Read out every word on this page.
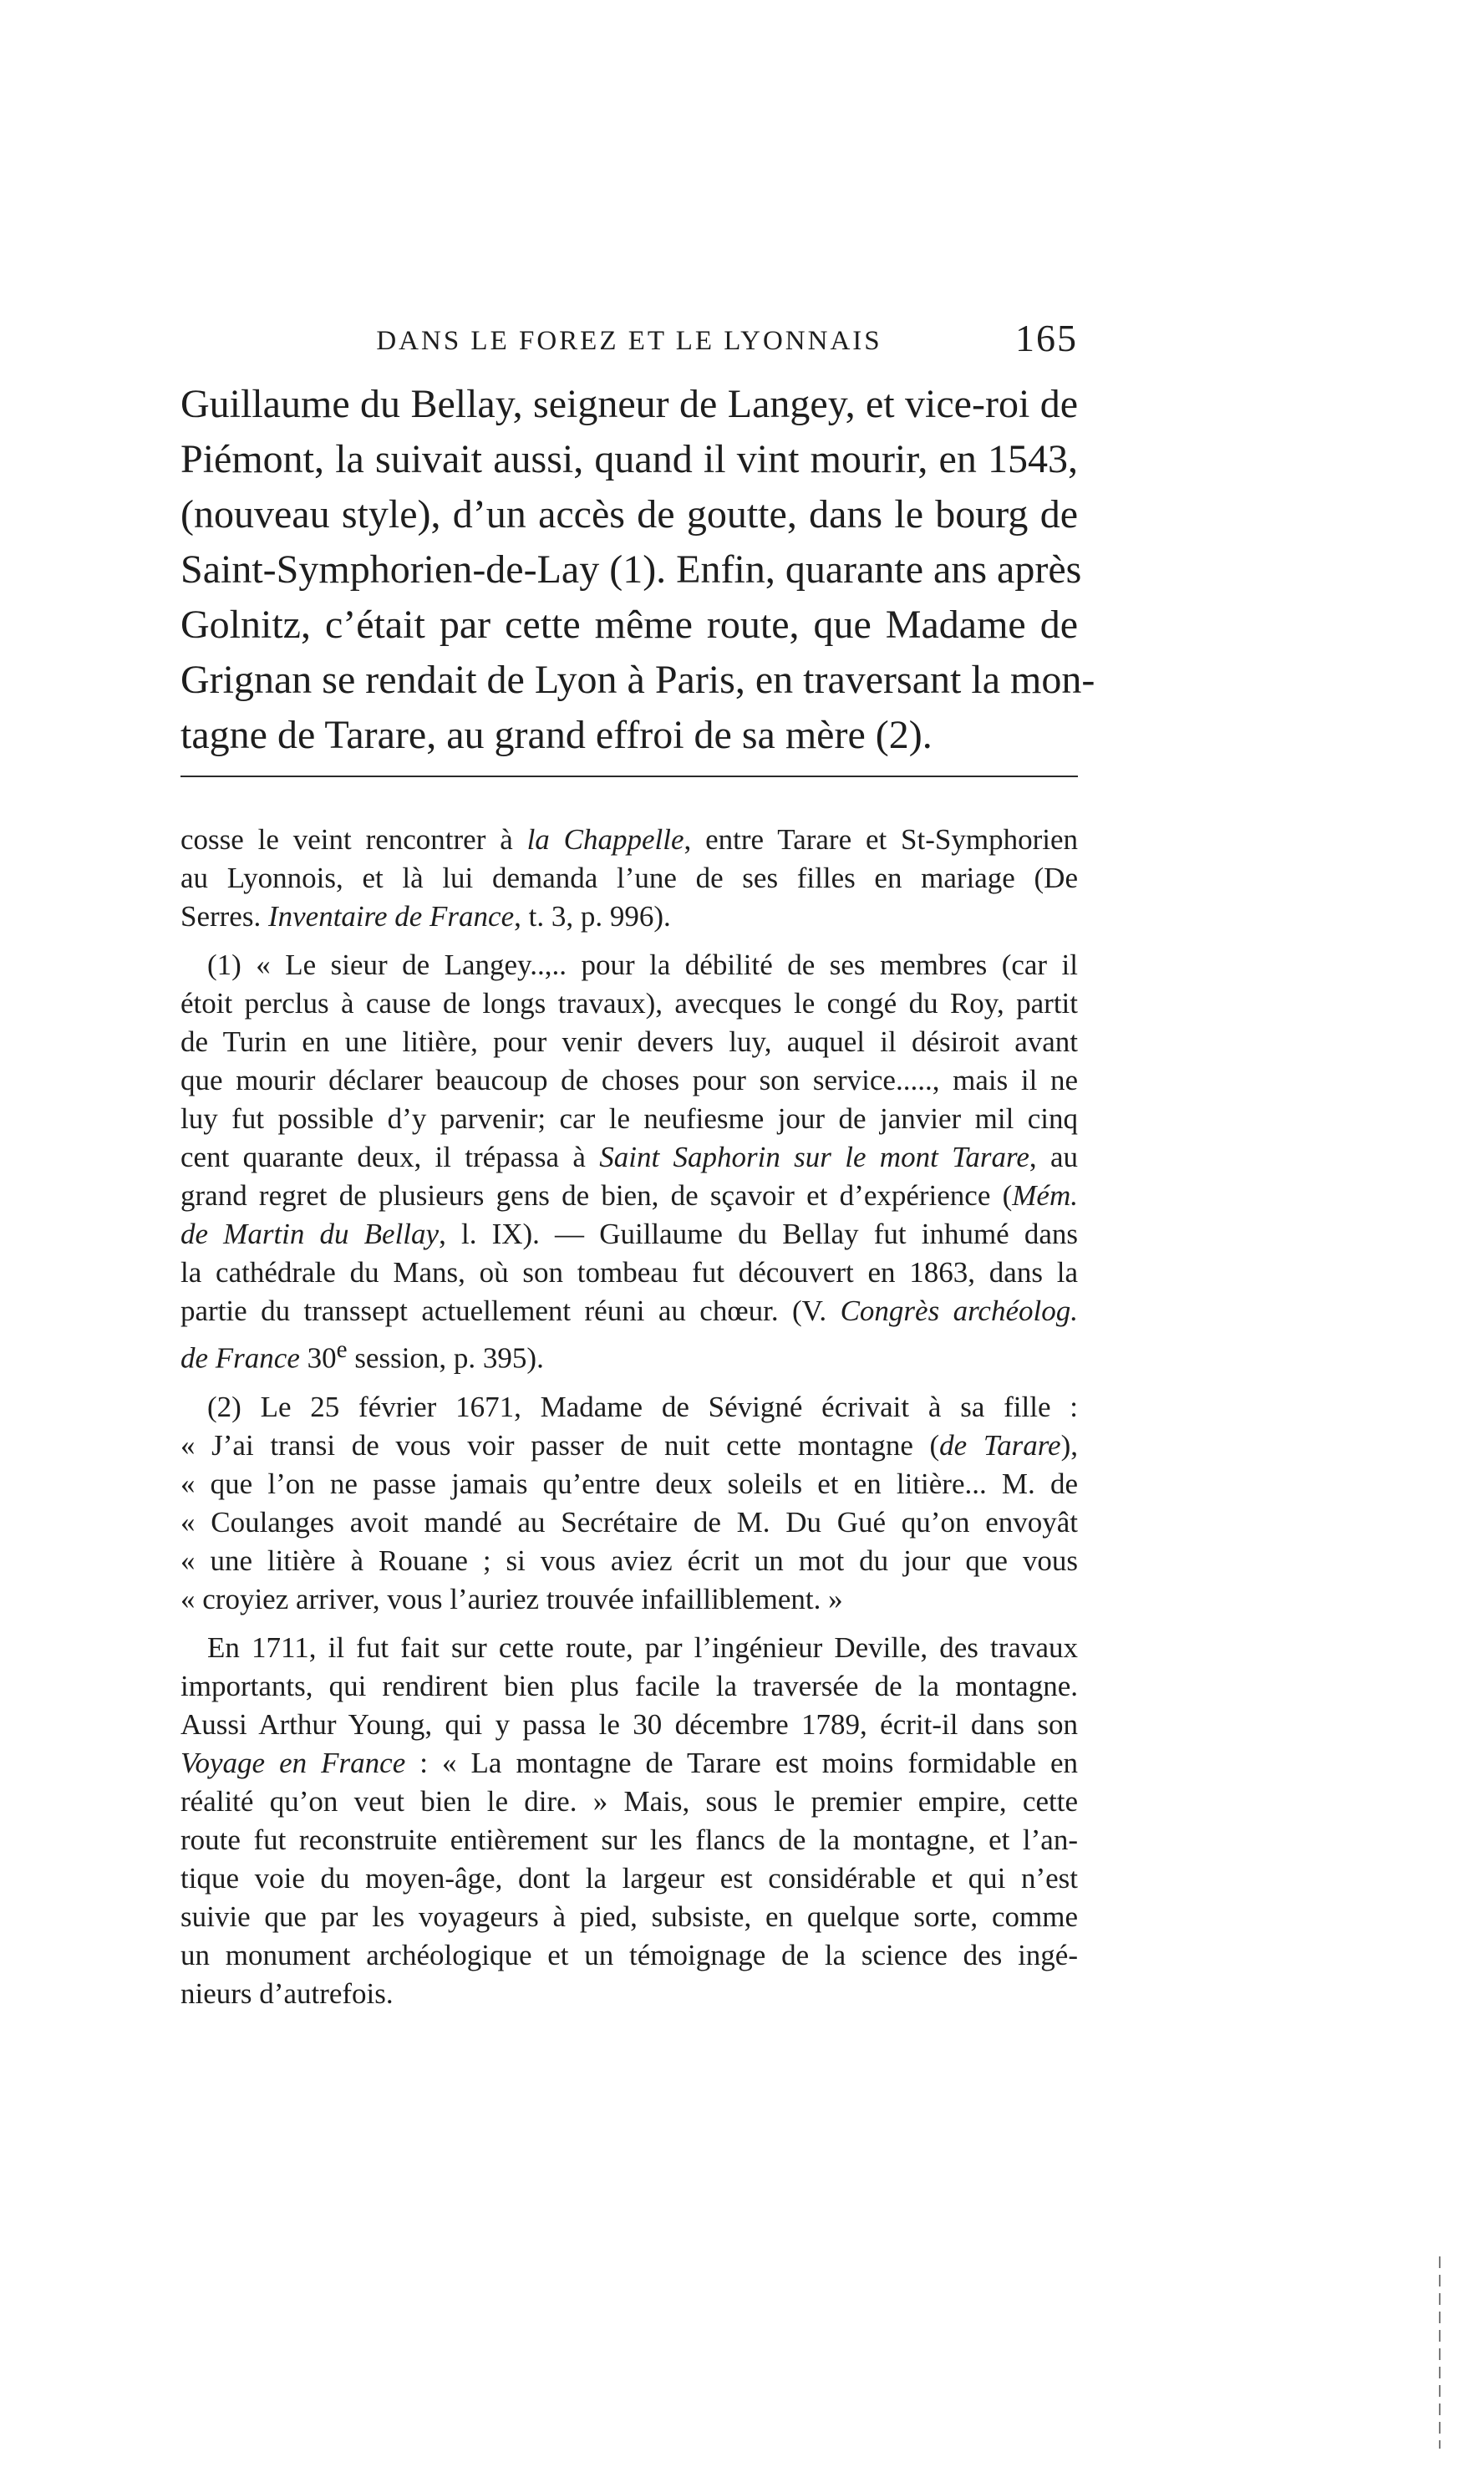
DANS LE FOREZ ET LE LYONNAIS	165
Guillaume du Bellay, seigneur de Langey, et vice-roi de
Piémont, la suivait aussi, quand il vint mourir, en 1543,
(nouveau style), d’un accès de goutte, dans le bourg de
Saint-Symphorien-de-Lay (1). Enfin, quarante ans après
Golnitz, c’était par cette même route, que Madame de
Grignan se rendait de Lyon à Paris, en traversant la mon-
tagne de Tarare, au grand effroi de sa mère (2).

cosse le veint rencontrer à la Chappelle, entre Tarare et St-Symphorien
au Lyonnois, et là lui demanda l’une de ses filles en mariage (De
Serres. Inventaire de France, t. 3, p. 996).

(1) « Le sieur de Langey..,.. pour la débilité de ses membres (car il
étoit perclus à cause de longs travaux), avecques le congé du Roy, partit
de Turin en une litière, pour venir devers luy, auquel il désiroit avant
que mourir déclarer beaucoup de choses pour son service....., mais il ne
luy fut possible d’y parvenir; car le neufiesme jour de janvier mil cinq
cent quarante deux, il trépassa à Saint Saphorin sur le mont Tarare, au
grand regret de plusieurs gens de bien, de sçavoir et d’expérience (Mém.
de Martin du Bellay, l. IX). — Guillaume du Bellay fut inhumé dans
la cathédrale du Mans, où son tombeau fut découvert en 1863, dans la
partie du transsept actuellement réuni au chœur. (V. Congrès archéolog.
de France 30e session, p. 395).

(2) Le 25 février 1671, Madame de Sévigné écrivait à sa fille :
« J’ai transi de vous voir passer de nuit cette montagne (de Tarare),
« que l’on ne passe jamais qu’entre deux soleils et en litière... M. de
« Coulanges avoit mandé au Secrétaire de M. Du Gué qu’on envoyât
« une litière à Rouane ; si vous aviez écrit un mot du jour que vous
« croyiez arriver, vous l’auriez trouvée infailliblement. »

En 1711, il fut fait sur cette route, par l’ingénieur Deville, des travaux
importants, qui rendirent bien plus facile la traversée de la montagne.
Aussi Arthur Young, qui y passa le 30 décembre 1789, écrit-il dans son
Voyage en France : « La montagne de Tarare est moins formidable en
réalité qu’on veut bien le dire. » Mais, sous le premier empire, cette
route fut reconstruite entièrement sur les flancs de la montagne, et l’an-
tique voie du moyen-âge, dont la largeur est considérable et qui n’est
suivie que par les voyageurs à pied, subsiste, en quelque sorte, comme
un monument archéologique et un témoignage de la science des ingé-
nieurs d’autrefois.
